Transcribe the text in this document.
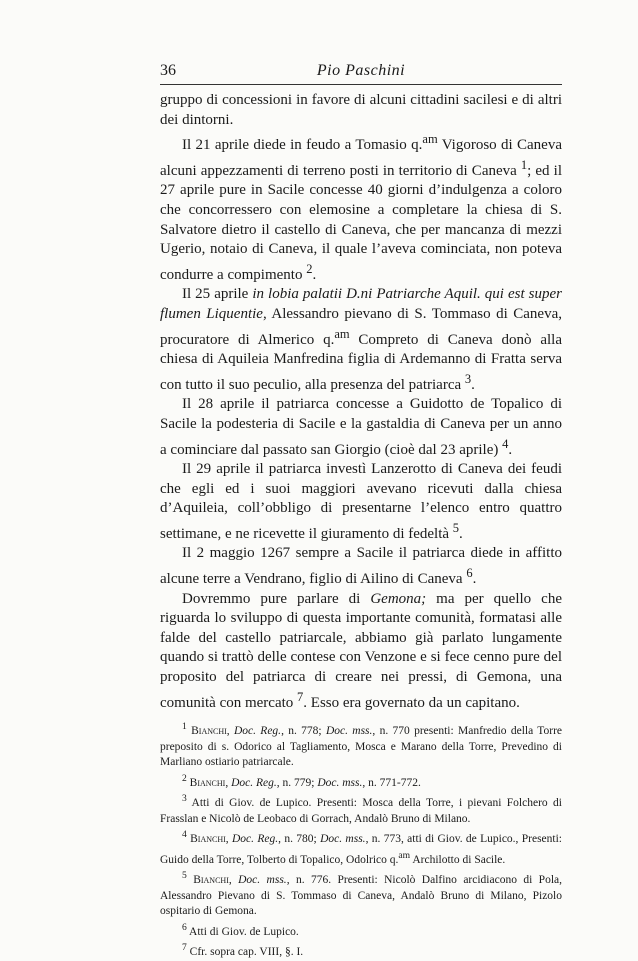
36	Pio Paschini

gruppo di concessioni in favore di alcuni cittadini sacilesi e di altri dei dintorni.

Il 21 aprile diede in feudo a Tomasio q.$^{am}$ Vigoroso di Caneva alcuni appezzamenti di terreno posti in territorio di Caneva $^1$; ed il 27 aprile pure in Sacile concesse 40 giorni d’indulgenza a coloro che concorressero con elemosine a completare la chiesa di S. Salvatore dietro il castello di Caneva, che per mancanza di mezzi Ugerio, notaio di Caneva, il quale l’aveva cominciata, non poteva condurre a compimento $^2$.

Il 25 aprile in lobia palatii D.ni Patriarche Aquil. qui est super flumen Liquentie, Alessandro pievano di S. Tommaso di Caneva, procuratore di Almerico q.$^{am}$ Compreto di Caneva donò alla chiesa di Aquileia Manfredina figlia di Ardemanno di Fratta serva con tutto il suo peculio, alla presenza del patriarca $^3$.

Il 28 aprile il patriarca concesse a Guidotto de Topalico di Sacile la podesteria di Sacile e la gastaldia di Caneva per un anno a cominciare dal passato san Giorgio (cioè dal 23 aprile) $^4$.

Il 29 aprile il patriarca investì Lanzerotto di Caneva dei feudi che egli ed i suoi maggiori avevano ricevuti dalla chiesa d’Aquileia, coll’obbligo di presentarne l’elenco entro quattro settimane, e ne ricevette il giuramento di fedeltà $^5$.

Il 2 maggio 1267 sempre a Sacile il patriarca diede in affitto alcune terre a Vendrano, figlio di Ailino di Caneva $^6$.

Dovremmo pure parlare di Gemona; ma per quello che riguarda lo sviluppo di questa importante comunità, formatasi alle falde del castello patriarcale, abbiamo già parlato lungamente quando si trattò delle contese con Venzone e si fece cenno pure del proposito del patriarca di creare nei pressi, di Gemona, una comunità con mercato $^7$. Esso era governato da un capitano.

$^1$ Bianchi, Doc. Reg., n. 778; Doc. mss., n. 770 presenti: Manfredio della Torre preposito di s. Odorico al Tagliamento, Mosca e Marano della Torre, Prevedino di Marliano ostiario patriarcale.

$^2$ Bianchi, Doc. Reg., n. 779; Doc. mss., n. 771-772.

$^3$ Atti di Giov. de Lupico. Presenti: Mosca della Torre, i pievani Folchero di Frasslan e Nicolò de Leobaco di Gorrach, Andalò Bruno di Milano.

$^4$ Bianchi, Doc. Reg., n. 780; Doc. mss., n. 773, atti di Giov. de Lupico., Presenti: Guido della Torre, Tolberto di Topalico, Odolrico q.$^{am}$ Archilotto di Sacile.

$^5$ Bianchi, Doc. mss., n. 776. Presenti: Nicolò Dalfino arcidiacono di Pola, Alessandro Pievano di S. Tommaso di Caneva, Andalò Bruno di Milano, Pizolo ospitario di Gemona.

$^6$ Atti di Giov. de Lupico.

$^7$ Cfr. sopra cap. VIII, §. I.
